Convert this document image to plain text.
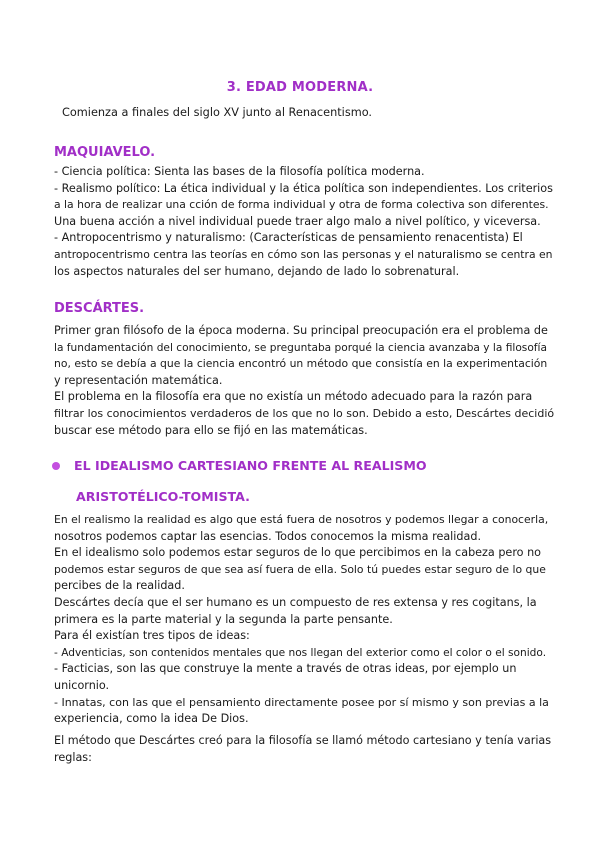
3. EDAD MODERNA.
Comienza a finales del siglo XV junto al Renacentismo.
MAQUIAVELO.

- Ciencia política: Sienta las bases de la filosofía política moderna.
- Realismo político: La ética individual y la ética política son independientes. Los criterios
a la hora de realizar una cción de forma individual y otra de forma colectiva son diferentes.
Una buena acción a nivel individual puede traer algo malo a nivel político, y viceversa.
- Antropocentrismo y naturalismo: (Características de pensamiento renacentista) El
antropocentrismo centra las teorías en cómo son las personas y el naturalismo se centra en
los aspectos naturales del ser humano, dejando de lado lo sobrenatural.

DESCÁRTES.

Primer gran filósofo de la época moderna. Su principal preocupación era el problema de
la fundamentación del conocimiento, se preguntaba porqué la ciencia avanzaba y la filosofía
no, esto se debía a que la ciencia encontró un método que consistía en la experimentación
y representación matemática.
El problema en la filosofía era que no existía un método adecuado para la razón para
filtrar los conocimientos verdaderos de los que no lo son. Debido a esto, Descártes decidió
buscar ese método para ello se fijó en las matemáticas.

EL IDEALISMO CARTESIANO FRENTE AL REALISMO
ARISTOTÉLICO-TOMISTA.

En el realismo la realidad es algo que está fuera de nosotros y podemos llegar a conocerla,
nosotros podemos captar las esencias. Todos conocemos la misma realidad.
En el idealismo solo podemos estar seguros de lo que percibimos en la cabeza pero no
podemos estar seguros de que sea así fuera de ella. Solo tú puedes estar seguro de lo que
percibes de la realidad.
Descártes decía que el ser humano es un compuesto de res extensa y res cogitans, la
primera es la parte material y la segunda la parte pensante.
Para él existían tres tipos de ideas:
- Adventicias, son contenidos mentales que nos llegan del exterior como el color o el sonido.
- Facticias, son las que construye la mente a través de otras ideas, por ejemplo un
unicornio.
- Innatas, con las que el pensamiento directamente posee por sí mismo y son previas a la
experiencia, como la idea De Dios.

El método que Descártes creó para la filosofía se llamó método cartesiano y tenía varias
reglas:
